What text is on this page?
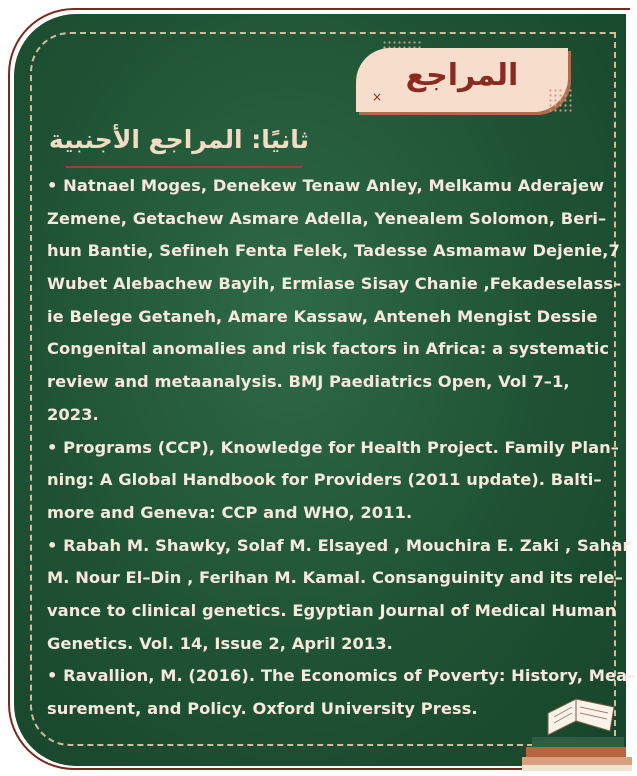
المراجع
×
ثانيًا: المراجع الأجنبية
• Natnael Moges, Denekew Tenaw Anley, Melkamu Aderajew
Zemene, Getachew Asmare Adella, Yenealem Solomon, Beri–
hun Bantie, Sefineh Fenta Felek, Tadesse Asmamaw Dejenie,7
Wubet Alebachew Bayih, Ermiase Sisay Chanie ,Fekadeselass–
ie Belege Getaneh, Amare Kassaw, Anteneh Mengist Dessie
Congenital anomalies and risk factors in Africa: a systematic
review and metaanalysis. BMJ Paediatrics Open, Vol 7–1,
2023.
• Programs (CCP), Knowledge for Health Project. Family Plan–
ning: A Global Handbook for Providers (2011 update). Balti–
more and Geneva: CCP and WHO, 2011.
• Rabah M. Shawky, Solaf M. Elsayed , Mouchira E. Zaki , Sahar
M. Nour El–Din , Ferihan M. Kamal. Consanguinity and its rele–
vance to clinical genetics. Egyptian Journal of Medical Human
Genetics. Vol. 14, Issue 2, April 2013.
• Ravallion, M. (2016). The Economics of Poverty: History, Mea–
surement, and Policy. Oxford University Press.
